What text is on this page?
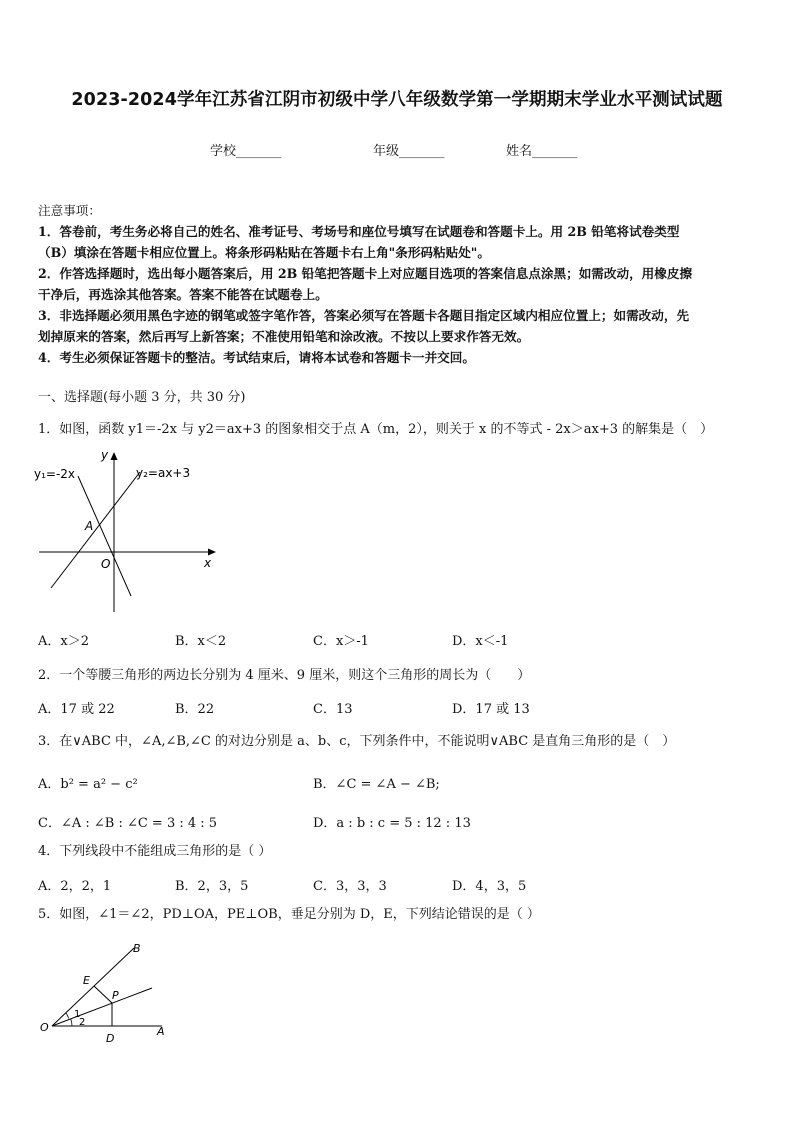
2023-2024学年江苏省江阴市初级中学八年级数学第一学期期末学业水平测试试题
学校_______	年级_______	姓名_______
注意事项：
1．答卷前，考生务必将自己的姓名、准考证号、考场号和座位号填写在试题卷和答题卡上。用 2B 铅笔将试卷类型
（B）填涂在答题卡相应位置上。将条形码粘贴在答题卡右上角"条形码粘贴处"。
2．作答选择题时，选出每小题答案后，用 2B 铅笔把答题卡上对应题目选项的答案信息点涂黑；如需改动，用橡皮擦
干净后，再选涂其他答案。答案不能答在试题卷上。
3．非选择题必须用黑色字迹的钢笔或签字笔作答，答案必须写在答题卡各题目指定区域内相应位置上；如需改动，先
划掉原来的答案，然后再写上新答案；不准使用铅笔和涂改液。不按以上要求作答无效。
4．考生必须保证答题卡的整洁。考试结束后，请将本试卷和答题卡一并交回。
一、选择题(每小题 3 分，共 30 分)
1．如图，函数 y1＝-2x 与 y2＝ax+3 的图象相交于点 A（m，2），则关于 x 的不等式 - 2x＞ax+3 的解集是（　）
y₁=-2x	y₂=ax+3
y
x
O
A
A．x＞2	B．x＜2	C．x＞-1	D．x＜-1
2．一个等腰三角形的两边长分别为 4 厘米、9 厘米，则这个三角形的周长为（　　）
A．17 或 22	B．22	C．13	D．17 或 13
3．在∨ABC 中，∠A,∠B,∠C 的对边分别是 a、b、c，下列条件中，不能说明∨ABC 是直角三角形的是（　）
A．b² = a² − c²	B．∠C = ∠A − ∠B;
C．∠A : ∠B : ∠C = 3 : 4 : 5	D．a : b : c = 5 : 12 : 13
4．下列线段中不能组成三角形的是（ ）
A．2，2，1	B．2，3，5	C．3，3，3	D．4，3，5
5．如图，∠1＝∠2，PD⊥OA，PE⊥OB，垂足分别为 D，E，下列结论错误的是（ ）
B
E
P
O
D
A
1
2
